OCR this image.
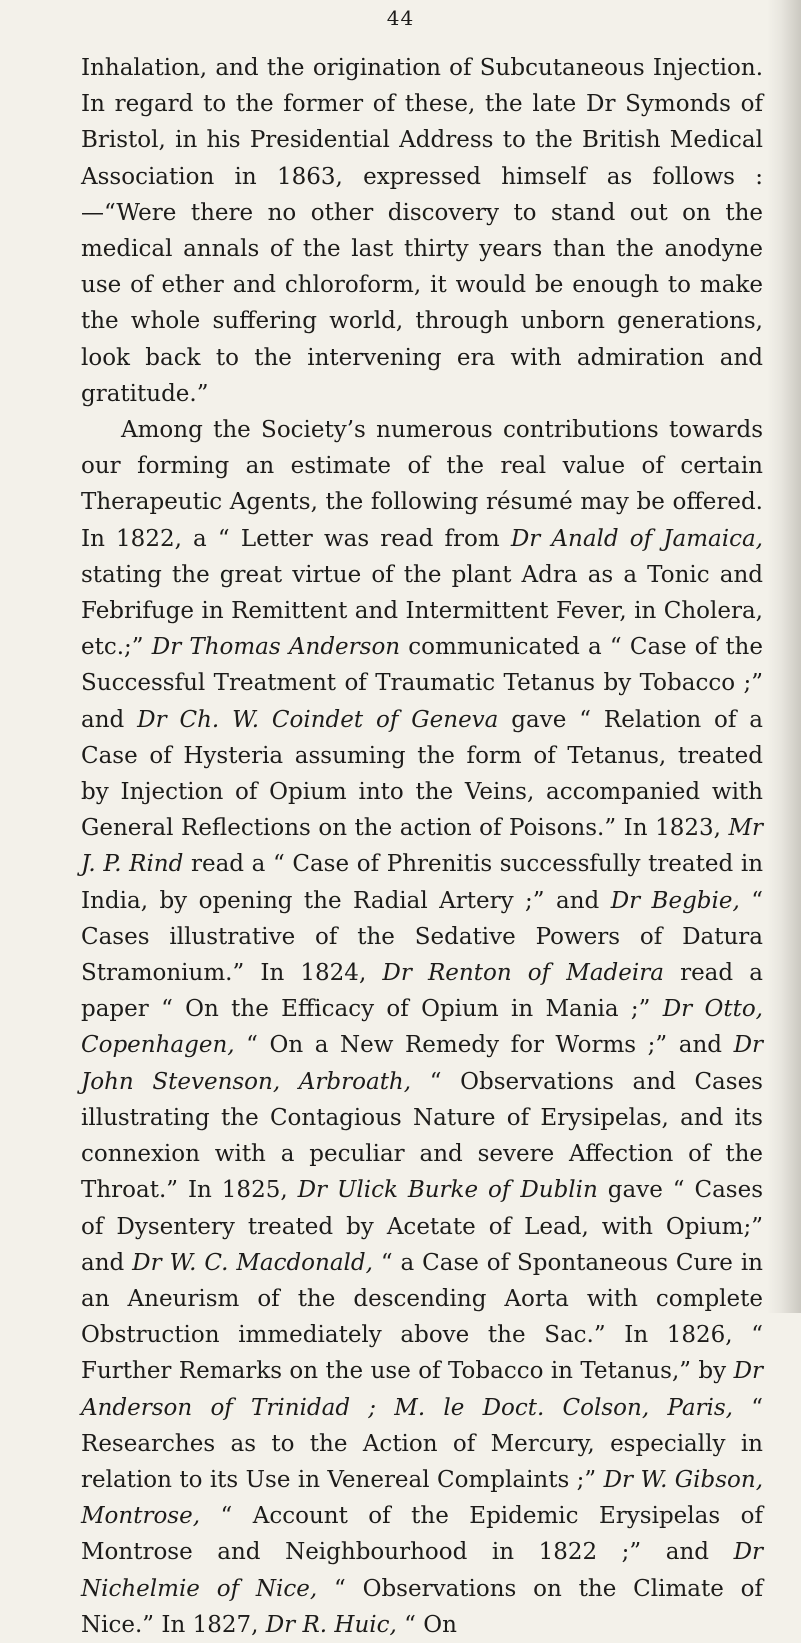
44

Inhalation, and the origination of Subcutaneous Injection. In regard to the former of these, the late Dr Symonds of Bristol, in his Presidential Address to the British Medical Association in 1863, expressed himself as follows :—“Were there no other discovery to stand out on the medical annals of the last thirty years than the anodyne use of ether and chloroform, it would be enough to make the whole suffering world, through unborn generations, look back to the intervening era with admiration and gratitude.”

Among the Society’s numerous contributions towards our forming an estimate of the real value of certain Therapeutic Agents, the following résumé may be offered. In 1822, a “ Letter was read from Dr Anald of Jamaica, stating the great virtue of the plant Adra as a Tonic and Febrifuge in Remittent and Intermittent Fever, in Cholera, etc.;” Dr Thomas Anderson communicated a “ Case of the Successful Treatment of Traumatic Tetanus by Tobacco ;” and Dr Ch. W. Coindet of Geneva gave “ Relation of a Case of Hysteria assuming the form of Tetanus, treated by Injection of Opium into the Veins, accompanied with General Reflections on the action of Poisons.” In 1823, Mr J. P. Rind read a “ Case of Phrenitis successfully treated in India, by opening the Radial Artery ;” and Dr Begbie, “ Cases illustrative of the Sedative Powers of Datura Stramonium.” In 1824, Dr Renton of Madeira read a paper “ On the Efficacy of Opium in Mania ;” Dr Otto, Copenhagen, “ On a New Remedy for Worms ;” and Dr John Stevenson, Arbroath, “ Observations and Cases illustrating the Contagious Nature of Erysipelas, and its connexion with a peculiar and severe Affection of the Throat.” In 1825, Dr Ulick Burke of Dublin gave “ Cases of Dysentery treated by Acetate of Lead, with Opium;” and Dr W. C. Macdonald, “ a Case of Spontaneous Cure in an Aneurism of the descending Aorta with complete Obstruction immediately above the Sac.” In 1826, “ Further Remarks on the use of Tobacco in Tetanus,” by Dr Anderson of Trinidad ; M. le Doct. Colson, Paris, “ Researches as to the Action of Mercury, especially in relation to its Use in Venereal Complaints ;” Dr W. Gibson, Montrose, “ Account of the Epidemic Erysipelas of Montrose and Neighbourhood in 1822 ;” and Dr Nichelmie of Nice, “ Observations on the Climate of Nice.” In 1827, Dr R. Huic, “ On
